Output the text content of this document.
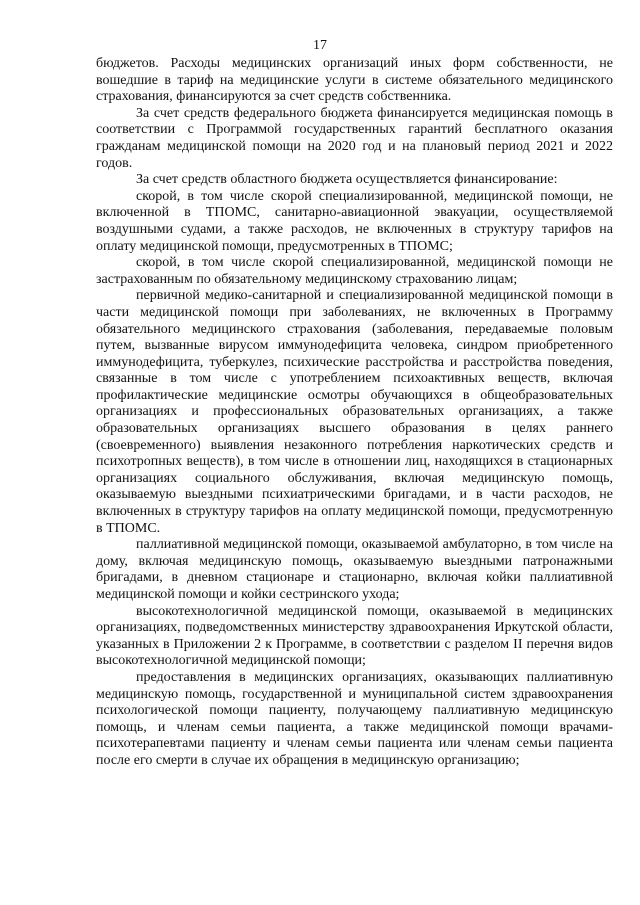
17

бюджетов. Расходы медицинских организаций иных форм собственности, не вошедшие в тариф на медицинские услуги в системе обязательного медицинского страхования, финансируются за счет средств собственника.

За счет средств федерального бюджета финансируется медицинская помощь в соответствии с Программой государственных гарантий бесплатного оказания гражданам медицинской помощи на 2020 год и на плановый период 2021 и 2022 годов.

За счет средств областного бюджета осуществляется финансирование:

скорой, в том числе скорой специализированной, медицинской помощи, не включенной в ТПОМС, санитарно-авиационной эвакуации, осуществляемой воздушными судами, а также расходов, не включенных в структуру тарифов на оплату медицинской помощи, предусмотренных в ТПОМС;

скорой, в том числе скорой специализированной, медицинской помощи не застрахованным по обязательному медицинскому страхованию лицам;

первичной медико-санитарной и специализированной медицинской помощи в части медицинской помощи при заболеваниях, не включенных в Программу обязательного медицинского страхования (заболевания, передаваемые половым путем, вызванные вирусом иммунодефицита человека, синдром приобретенного иммунодефицита, туберкулез, психические расстройства и расстройства поведения, связанные в том числе с употреблением психоактивных веществ, включая профилактические медицинские осмотры обучающихся в общеобразовательных организациях и профессиональных образовательных организациях, а также образовательных организациях высшего образования в целях раннего (своевременного) выявления незаконного потребления наркотических средств и психотропных веществ), в том числе в отношении лиц, находящихся в стационарных организациях социального обслуживания, включая медицинскую помощь, оказываемую выездными психиатрическими бригадами, и в части расходов, не включенных в структуру тарифов на оплату медицинской помощи, предусмотренную в ТПОМС.

паллиативной медицинской помощи, оказываемой амбулаторно, в том числе на дому, включая медицинскую помощь, оказываемую выездными патронажными бригадами, в дневном стационаре и стационарно, включая койки паллиативной медицинской помощи и койки сестринского ухода;

высокотехнологичной медицинской помощи, оказываемой в медицинских организациях, подведомственных министерству здравоохранения Иркутской области, указанных в Приложении 2 к Программе, в соответствии с разделом II перечня видов высокотехнологичной медицинской помощи;

предоставления в медицинских организациях, оказывающих паллиативную медицинскую помощь, государственной и муниципальной систем здравоохранения психологической помощи пациенту, получающему паллиативную медицинскую помощь, и членам семьи пациента, а также медицинской помощи врачами-психотерапевтами пациенту и членам семьи пациента или членам семьи пациента после его смерти в случае их обращения в медицинскую организацию;
